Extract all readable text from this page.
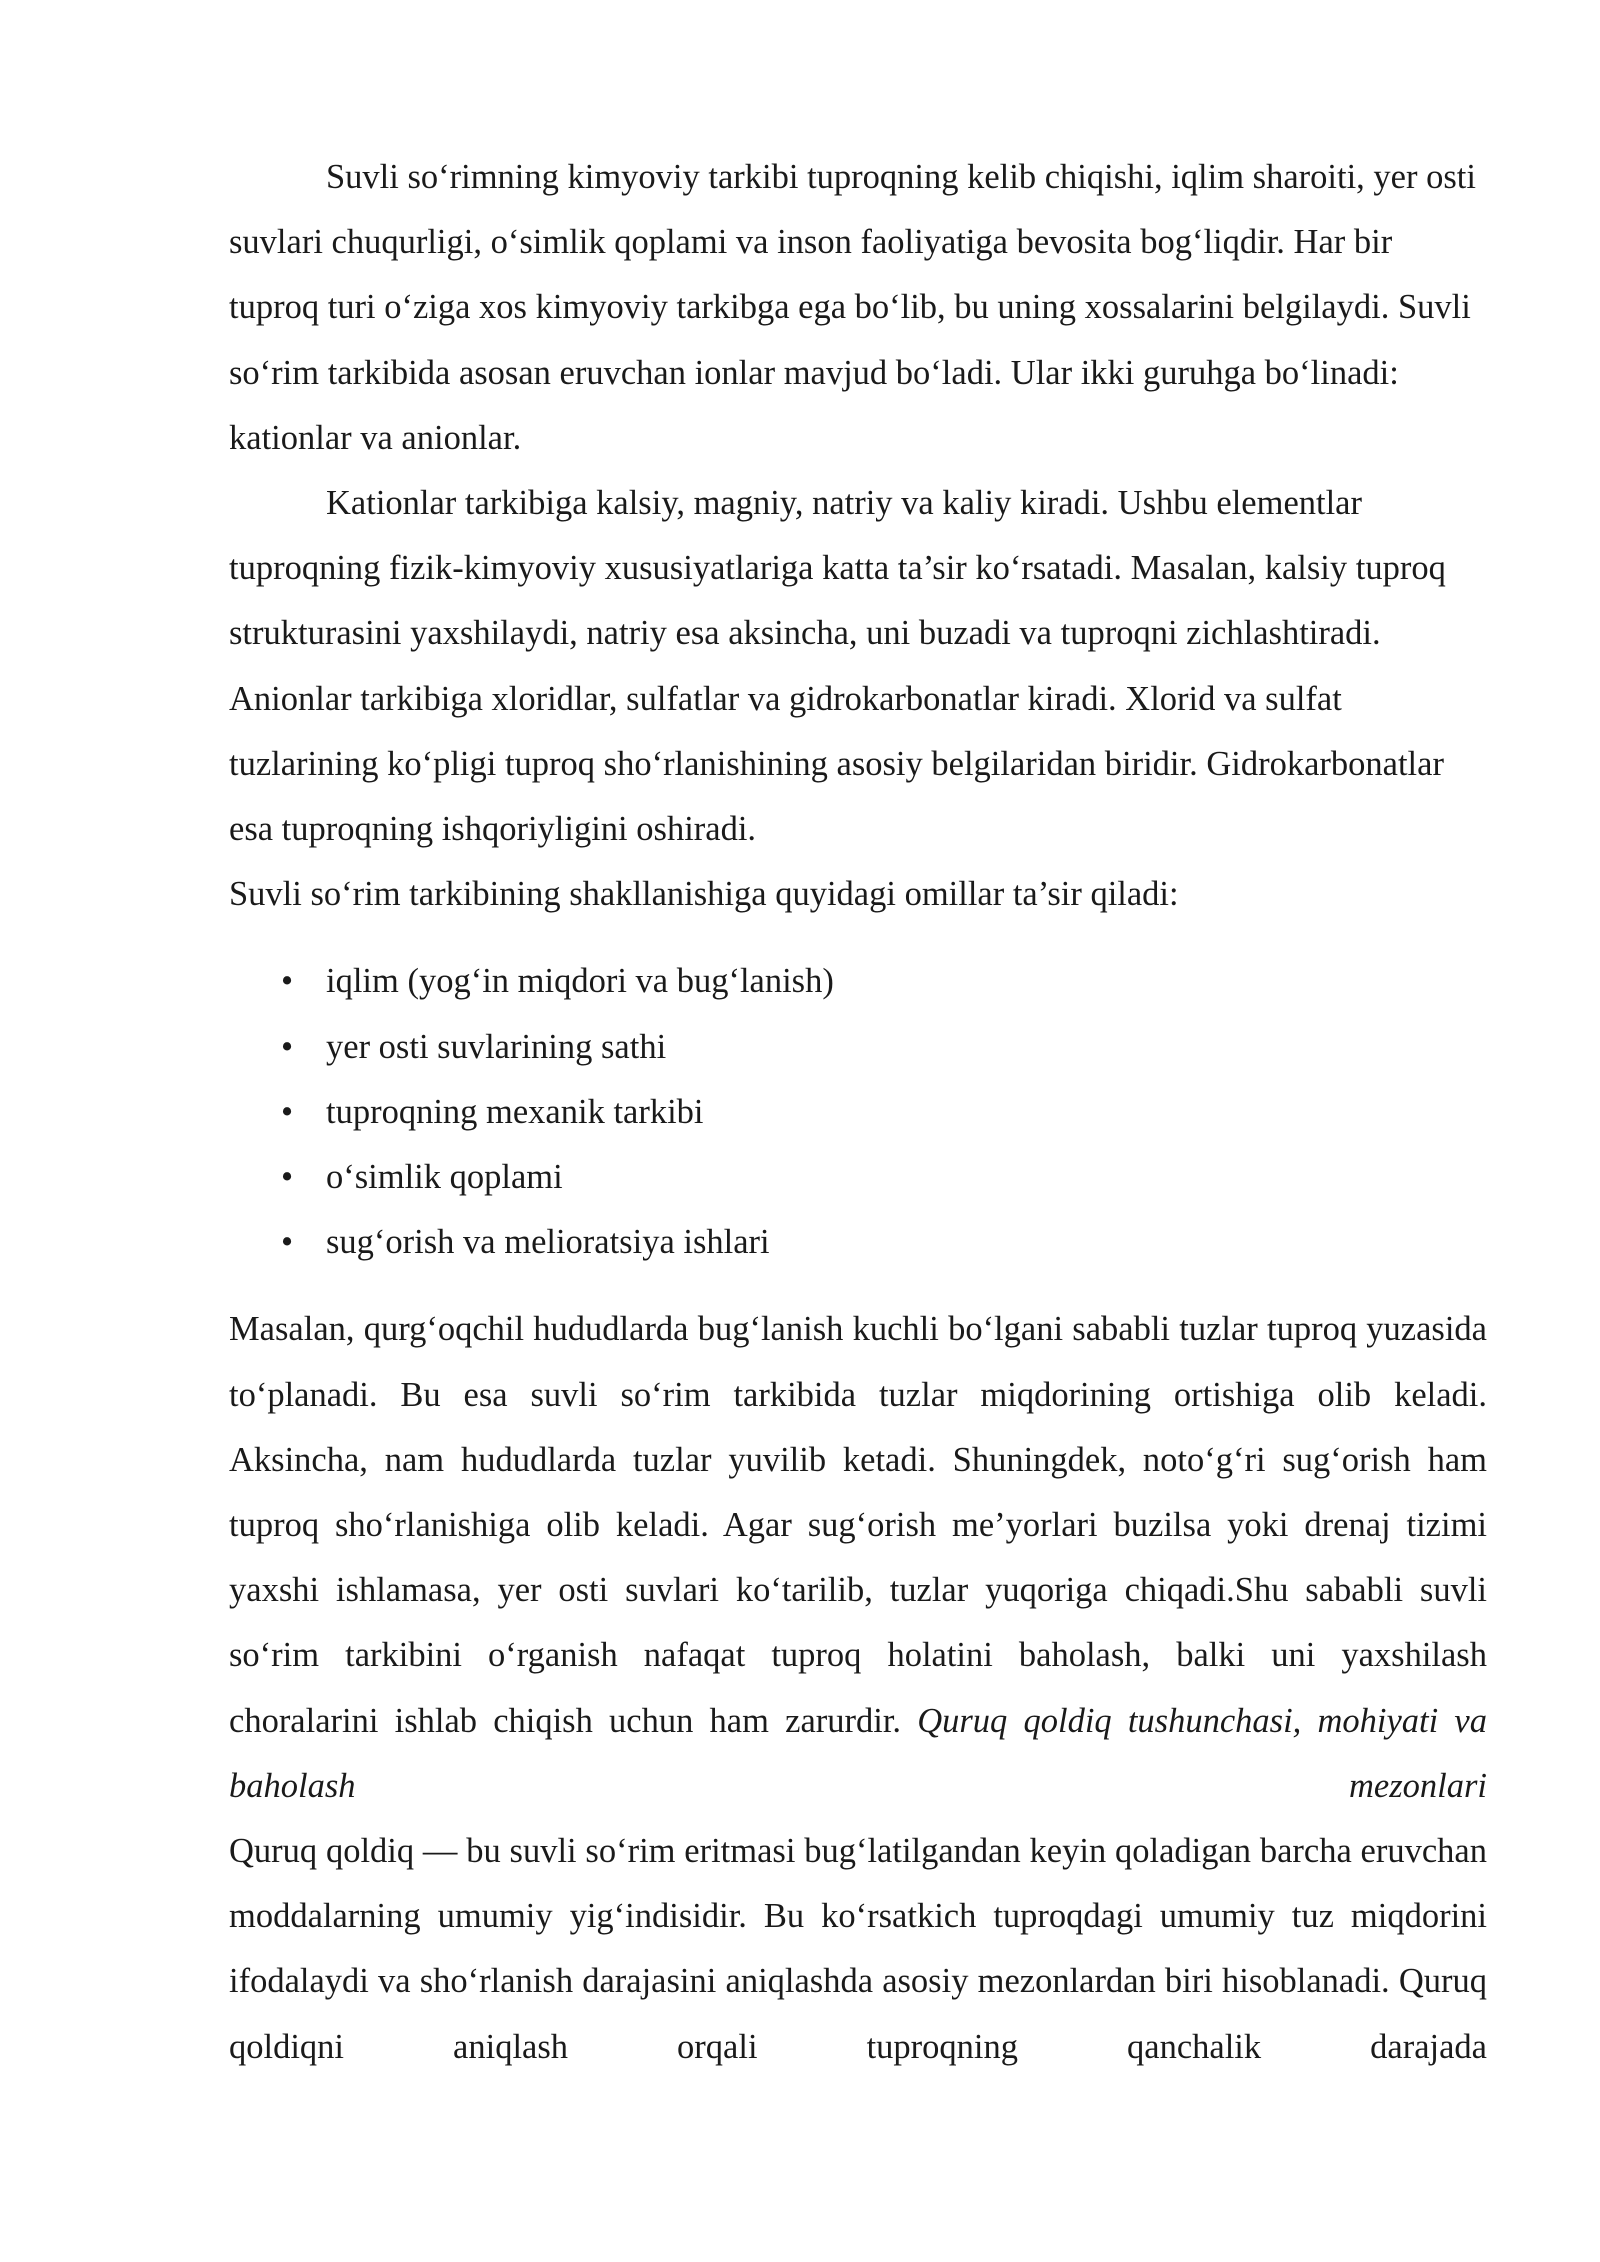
Suvli so‘rimning kimyoviy tarkibi tuproqning kelib chiqishi, iqlim sharoiti, yer osti suvlari chuqurligi, o‘simlik qoplami va inson faoliyatiga bevosita bog‘liqdir. Har bir tuproq turi o‘ziga xos kimyoviy tarkibga ega bo‘lib, bu uning xossalarini belgilaydi. Suvli so‘rim tarkibida asosan eruvchan ionlar mavjud bo‘ladi. Ular ikki guruhga bo‘linadi: kationlar va anionlar.

Kationlar tarkibiga kalsiy, magniy, natriy va kaliy kiradi. Ushbu elementlar tuproqning fizik-kimyoviy xususiyatlariga katta ta’sir ko‘rsatadi. Masalan, kalsiy tuproq strukturasini yaxshilaydi, natriy esa aksincha, uni buzadi va tuproqni zichlashtiradi. Anionlar tarkibiga xloridlar, sulfatlar va gidrokarbonatlar kiradi. Xlorid va sulfat tuzlarining ko‘pligi tuproq sho‘rlanishining asosiy belgilaridan biridir. Gidrokarbonatlar esa tuproqning ishqoriyligini oshiradi.

Suvli so‘rim tarkibining shakllanishiga quyidagi omillar ta’sir qiladi:

• iqlim (yog‘in miqdori va bug‘lanish)
• yer osti suvlarining sathi
• tuproqning mexanik tarkibi
• o‘simlik qoplami
• sug‘orish va melioratsiya ishlari

Masalan, qurg‘oqchil hududlarda bug‘lanish kuchli bo‘lgani sababli tuzlar tuproq yuzasida to‘planadi. Bu esa suvli so‘rim tarkibida tuzlar miqdorining ortishiga olib keladi. Aksincha, nam hududlarda tuzlar yuvilib ketadi. Shuningdek, noto‘g‘ri sug‘orish ham tuproq sho‘rlanishiga olib keladi. Agar sug‘orish me’yorlari buzilsa yoki drenaj tizimi yaxshi ishlamasa, yer osti suvlari ko‘tarilib, tuzlar yuqoriga chiqadi.Shu sababli suvli so‘rim tarkibini o‘rganish nafaqat tuproq holatini baholash, balki uni yaxshilash choralarini ishlab chiqish uchun ham zarurdir. Quruq qoldiq tushunchasi, mohiyati va baholash mezonlari

Quruq qoldiq — bu suvli so‘rim eritmasi bug‘latilgandan keyin qoladigan barcha eruvchan moddalarning umumiy yig‘indisidir. Bu ko‘rsatkich tuproqdagi umumiy tuz miqdorini ifodalaydi va sho‘rlanish darajasini aniqlashda asosiy mezonlardan biri hisoblanadi. Quruq qoldiqni aniqlash orqali tuproqning qanchalik darajada
